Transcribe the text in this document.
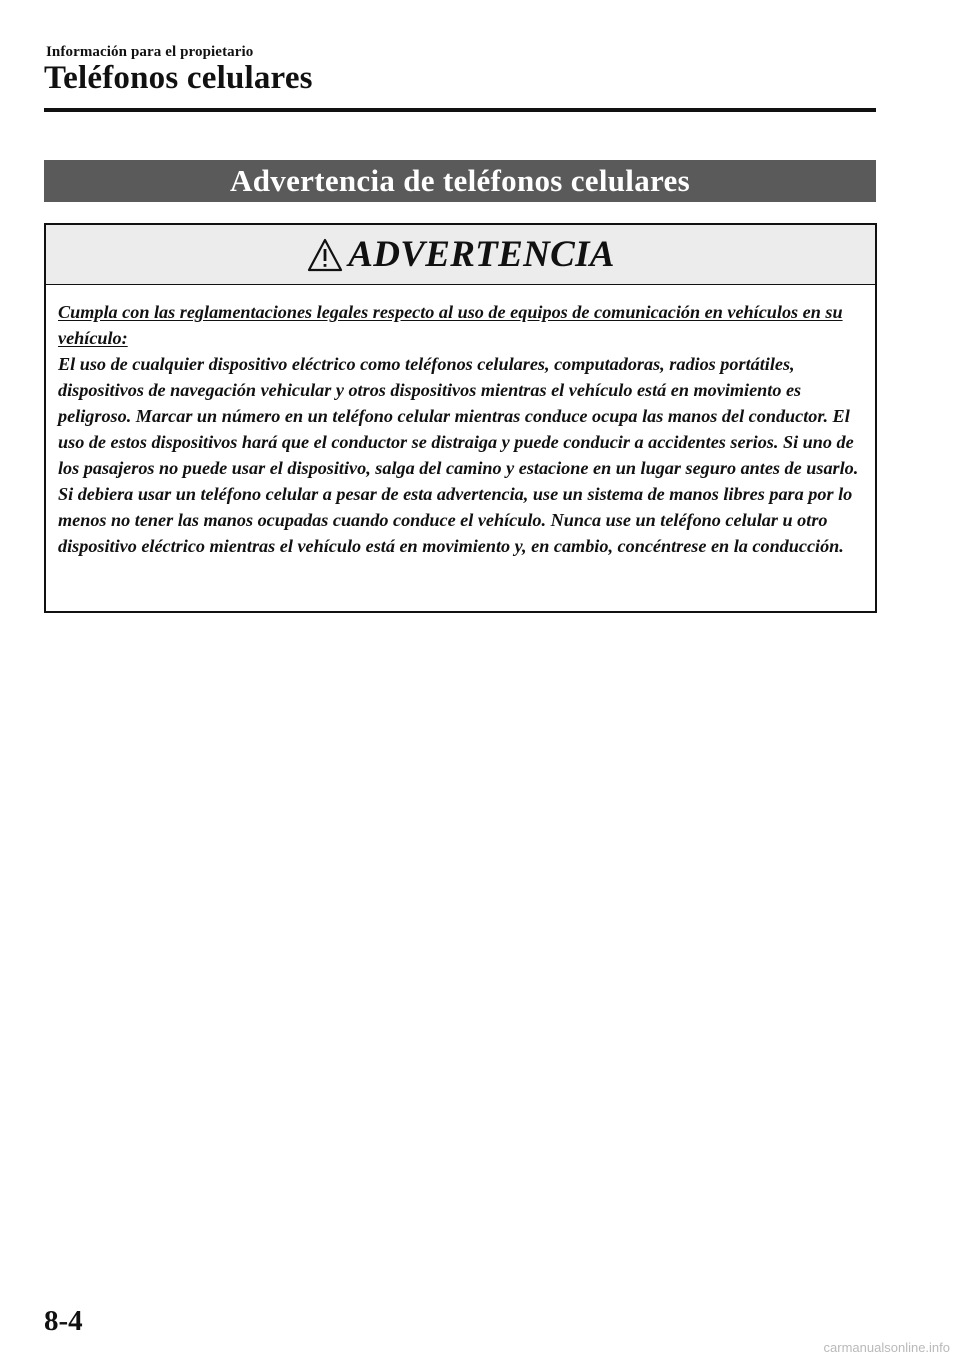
Información para el propietario
Teléfonos celulares
Advertencia de teléfonos celulares
ADVERTENCIA
Cumpla con las reglamentaciones legales respecto al uso de equipos de comunicación en vehículos en su vehículo:
El uso de cualquier dispositivo eléctrico como teléfonos celulares, computadoras, radios portátiles, dispositivos de navegación vehicular y otros dispositivos mientras el vehículo está en movimiento es peligroso. Marcar un número en un teléfono celular mientras conduce ocupa las manos del conductor. El uso de estos dispositivos hará que el conductor se distraiga y puede conducir a accidentes serios. Si uno de los pasajeros no puede usar el dispositivo, salga del camino y estacione en un lugar seguro antes de usarlo. Si debiera usar un teléfono celular a pesar de esta advertencia, use un sistema de manos libres para por lo menos no tener las manos ocupadas cuando conduce el vehículo. Nunca use un teléfono celular u otro dispositivo eléctrico mientras el vehículo está en movimiento y, en cambio, concéntrese en la conducción.
8-4
carmanualsonline.info
